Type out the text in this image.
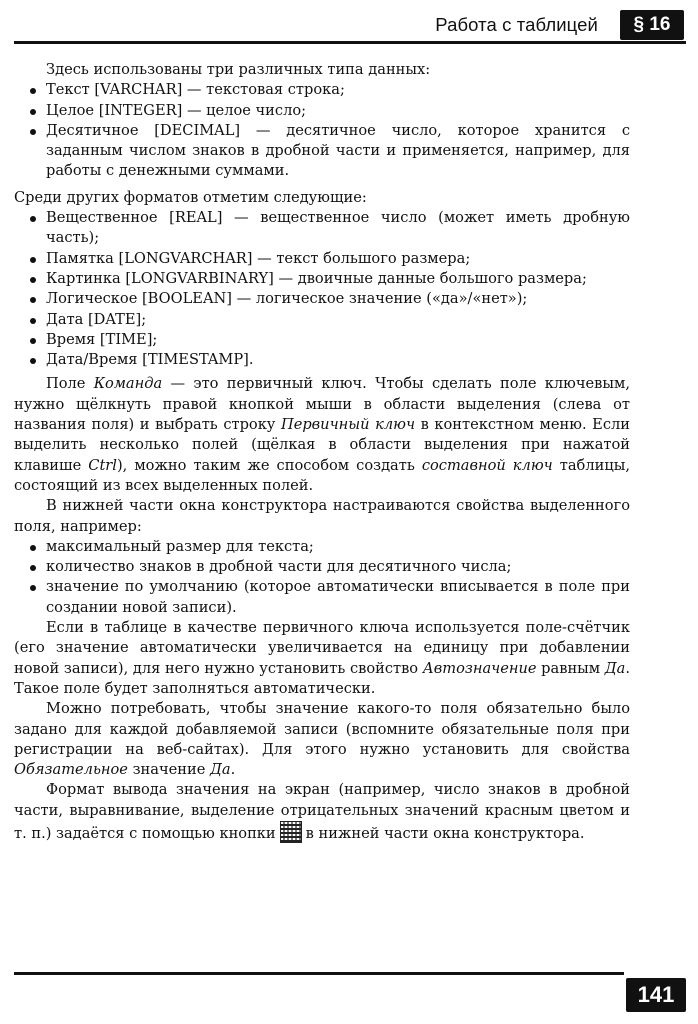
Работа с таблицей	§ 16

Здесь использованы три различных типа данных:

Текст [VARCHAR] — текстовая строка;
Целое [INTEGER] — целое число;
Десятичное [DECIMAL] — десятичное число, которое хранится с заданным числом знаков в дробной части и применяется, например, для работы с денежными суммами.

Среди других форматов отметим следующие:

Вещественное [REAL] — вещественное число (может иметь дробную часть);
Памятка [LONGVARCHAR] — текст большого размера;
Картинка [LONGVARBINARY] — двоичные данные большого размера;
Логическое [BOOLEAN] — логическое значение («да»/«нет»);
Дата [DATE];
Время [TIME];
Дата/Время [TIMESTAMP].

Поле Команда — это первичный ключ. Чтобы сделать поле ключевым, нужно щёлкнуть правой кнопкой мыши в области выделения (слева от названия поля) и выбрать строку Первичный ключ в контекстном меню. Если выделить несколько полей (щёлкая в области выделения при нажатой клавише Ctrl), можно таким же способом создать составной ключ таблицы, состоящий из всех выделенных полей.

В нижней части окна конструктора настраиваются свойства выделенного поля, например:

максимальный размер для текста;
количество знаков в дробной части для десятичного числа;
значение по умолчанию (которое автоматически вписывается в поле при создании новой записи).

Если в таблице в качестве первичного ключа используется поле-счётчик (его значение автоматически увеличивается на единицу при добавлении новой записи), для него нужно установить свойство Автозначение равным Да. Такое поле будет заполняться автоматически.

Можно потребовать, чтобы значение какого-то поля обязательно было задано для каждой добавляемой записи (вспомните обязательные поля при регистрации на веб-сайтах). Для этого нужно установить для свойства Обязательное значение Да.

Формат вывода значения на экран (например, число знаков в дробной части, выравнивание, выделение отрицательных значений красным цветом и т. п.) задаётся с помощью кнопки в нижней части окна конструктора.

141
